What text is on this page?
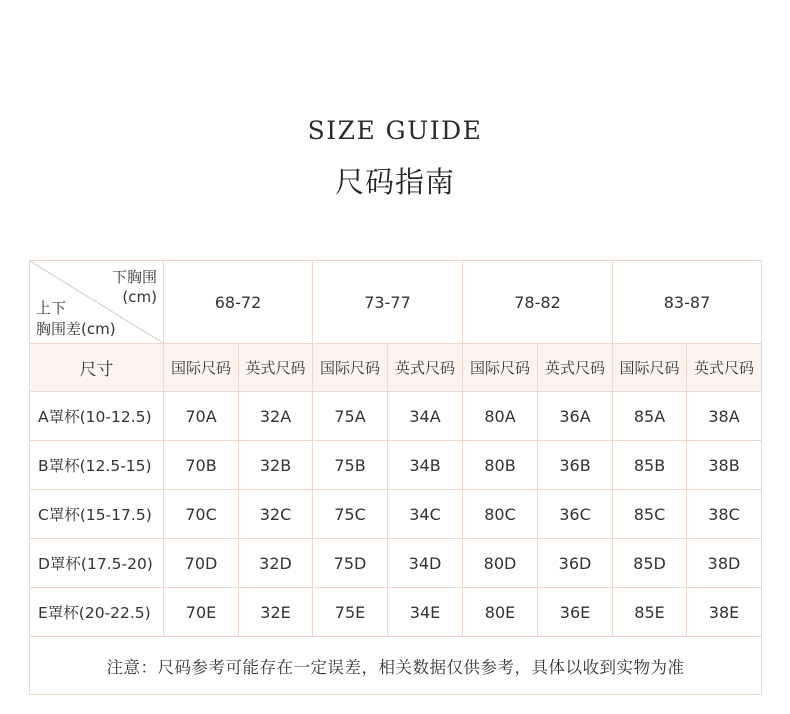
SIZE GUIDE
尺码指南
下胸围
(cm)
上下
胸围差(cm)	68-72		73-77		78-82		83-87	
尺寸	国际尺码	英式尺码	国际尺码	英式尺码	国际尺码	英式尺码	国际尺码	英式尺码
A罩杯(10-12.5)	70A	32A	75A	34A	80A	36A	85A	38A
B罩杯(12.5-15)	70B	32B	75B	34B	80B	36B	85B	38B
C罩杯(15-17.5)	70C	32C	75C	34C	80C	36C	85C	38C
D罩杯(17.5-20)	70D	32D	75D	34D	80D	36D	85D	38D
E罩杯(20-22.5)	70E	32E	75E	34E	80E	36E	85E	38E
注意：尺码参考可能存在一定误差，相关数据仅供参考，具体以收到实物为准								
